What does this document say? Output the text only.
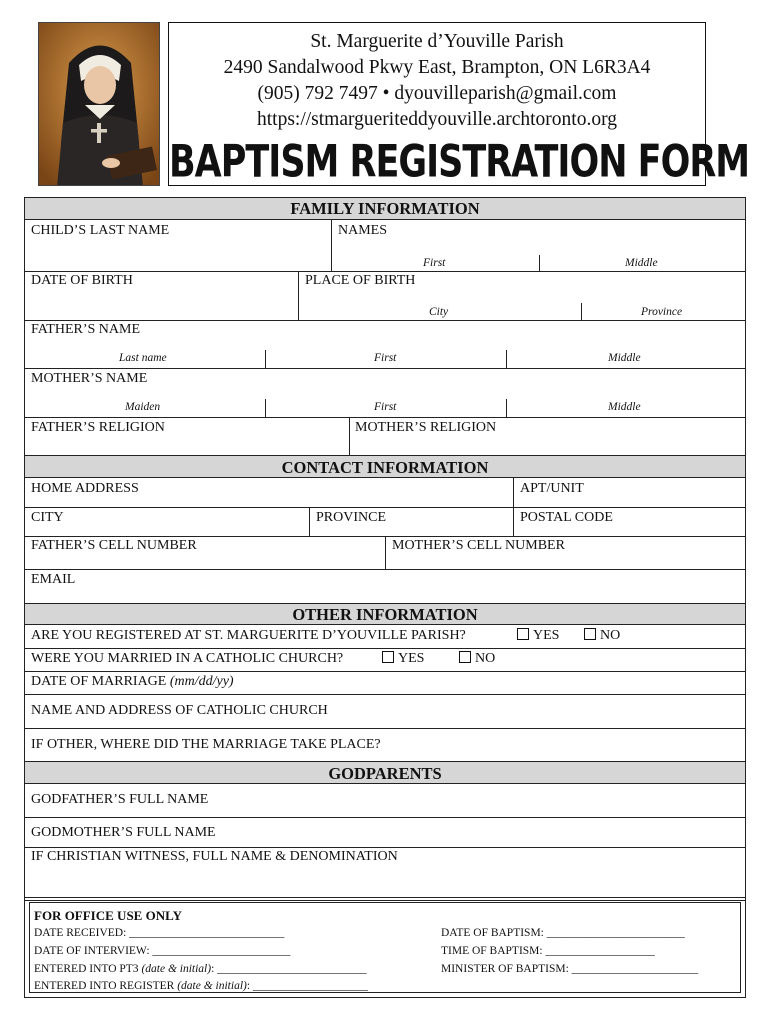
St. Marguerite d’Youville Parish
2490 Sandalwood Pkwy East, Brampton, ON L6R3A4
(905) 792 7497 • dyouvilleparish@gmail.com
https://stmargueriteddyouville.archtoronto.org
BAPTISM REGISTRATION FORM
FAMILY INFORMATION
CHILD’S LAST NAME	NAMES
First	Middle
DATE OF BIRTH	PLACE OF BIRTH
City	Province
FATHER’S NAME
Last name	First	Middle
MOTHER’S NAME
Maiden	First	Middle
FATHER’S RELIGION	MOTHER’S RELIGION
CONTACT INFORMATION
HOME ADDRESS	APT/UNIT
CITY	PROVINCE	POSTAL CODE
FATHER’S CELL NUMBER	MOTHER’S CELL NUMBER
EMAIL
OTHER INFORMATION
ARE YOU REGISTERED AT ST. MARGUERITE D’YOUVILLE PARISH?	YES	NO
WERE YOU MARRIED IN A CATHOLIC CHURCH?	YES	NO
DATE OF MARRIAGE (mm/dd/yy)
NAME AND ADDRESS OF CATHOLIC CHURCH
IF OTHER, WHERE DID THE MARRIAGE TAKE PLACE?
GODPARENTS
GODFATHER’S FULL NAME
GODMOTHER’S FULL NAME
IF CHRISTIAN WITNESS, FULL NAME & DENOMINATION
FOR OFFICE USE ONLY
DATE RECEIVED: ___________________________
DATE OF INTERVIEW: ________________________
ENTERED INTO PT3 (date & initial): __________________________
ENTERED INTO REGISTER (date & initial): ____________________
DATE OF BAPTISM: ________________________
TIME OF BAPTISM: ___________________
MINISTER OF BAPTISM: ______________________
